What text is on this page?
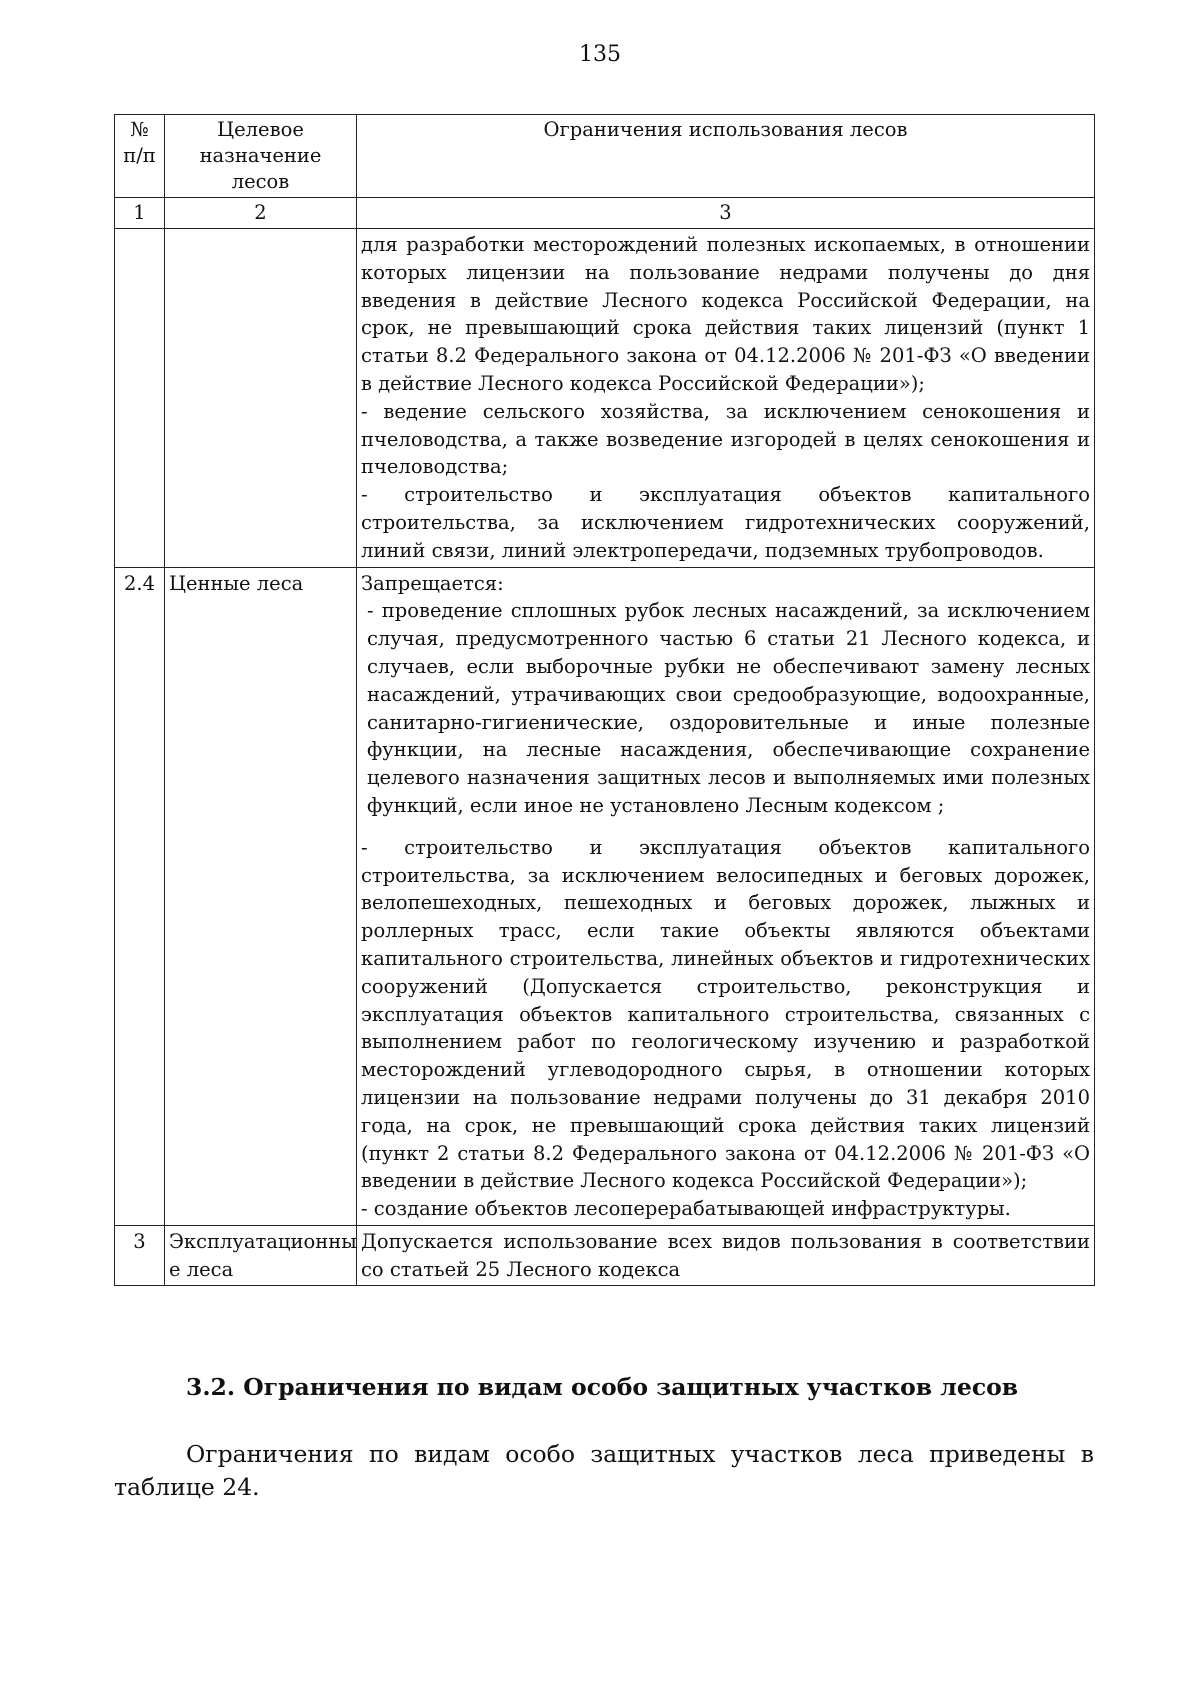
135
№ п/п	Целевое назначение лесов	Ограничения использования лесов
1	2	3

		для разработки месторождений полезных ископаемых, в отношении которых лицензии на пользование недрами получены до дня введения в действие Лесного кодекса Российской Федерации, на срок, не превышающий срока действия таких лицензий (пункт 1 статьи 8.2 Федерального закона от 04.12.2006 № 201-ФЗ «О введении в действие Лесного кодекса Российской Федерации»);

- ведение сельского хозяйства, за исключением сенокошения и пчеловодства, а также возведение изгородей в целях сенокошения и пчеловодства;

- строительство и эксплуатация объектов капитального строительства, за исключением гидротехнических сооружений, линий связи, линий электропередачи, подземных трубопроводов.

2.4	Ценные леса	Запрещается:

- проведение сплошных рубок лесных насаждений, за исключением случая, предусмотренного частью 6 статьи 21 Лесного кодекса, и случаев, если выборочные рубки не обеспечивают замену лесных насаждений, утрачивающих свои средообразующие, водоохранные, санитарно-гигиенические, оздоровительные и иные полезные функции, на лесные насаждения, обеспечивающие сохранение целевого назначения защитных лесов и выполняемых ими полезных функций, если иное не установлено Лесным кодексом ;

- строительство и эксплуатация объектов капитального строительства, за исключением велосипедных и беговых дорожек, велопешеходных, пешеходных и беговых дорожек, лыжных и роллерных трасс, если такие объекты являются объектами капитального строительства, линейных объектов и гидротехнических сооружений (Допускается строительство, реконструкция и эксплуатация объектов капитального строительства, связанных с выполнением работ по геологическому изучению и разработкой месторождений углеводородного сырья, в отношении которых лицензии на пользование недрами получены до 31 декабря 2010 года, на срок, не превышающий срока действия таких лицензий (пункт 2 статьи 8.2 Федерального закона от 04.12.2006 № 201-ФЗ «О введении в действие Лесного кодекса Российской Федерации»);

- создание объектов лесоперерабатывающей инфраструктуры.

3	Эксплуатационны е леса	Допускается использование всех видов пользования в соответствии со статьей 25 Лесного кодекса

3.2. Ограничения по видам особо защитных участков лесов

Ограничения по видам особо защитных участков леса приведены в таблице 24.
